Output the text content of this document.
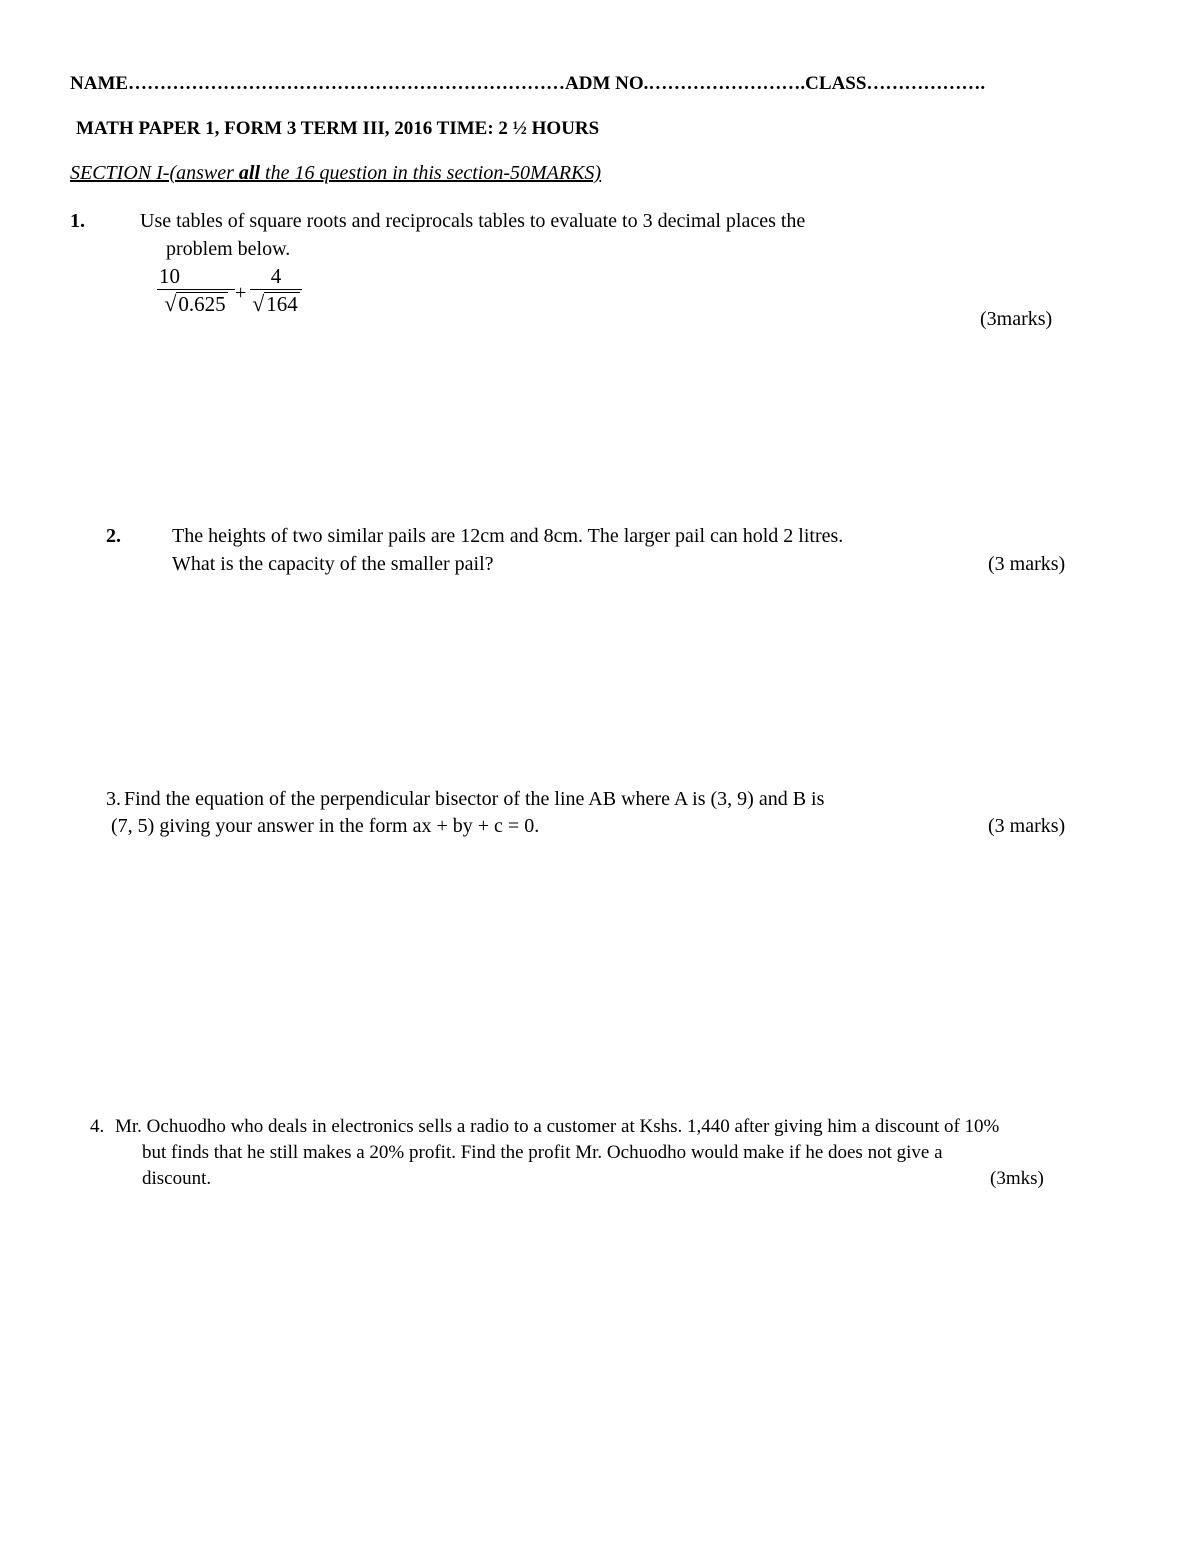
NAME……………………………………………………………ADM NO.…………………….CLASS……………….
MATH PAPER 1, FORM 3 TERM III, 2016 TIME: 2 ½ HOURS
SECTION I-(answer all the 16 question in this section-50MARKS)
1.	Use tables of square roots and reciprocals tables to evaluate to 3 decimal places the
problem below.
10
√0.625 +
4
√164
(3marks)
2.	The heights of two similar pails are 12cm and 8cm. The larger pail can hold 2 litres.
What is the capacity of the smaller pail?	(3 marks)
3. Find the equation of the perpendicular bisector of the line AB where A is (3, 9) and B is
(7, 5) giving your answer in the form ax + by + c = 0.	(3 marks)
4. Mr. Ochuodho who deals in electronics sells a radio to a customer at Kshs. 1,440 after giving him a discount of 10%
but finds that he still makes a 20% profit. Find the profit Mr. Ochuodho would make if he does not give a
discount.	(3mks)
